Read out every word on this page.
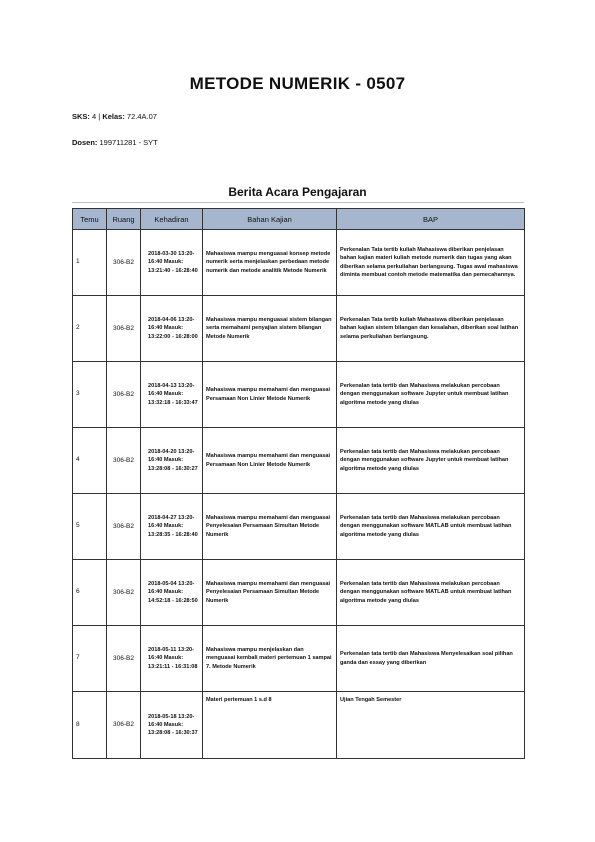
METODE NUMERIK - 0507
SKS: 4 | Kelas: 72.4A.07
Dosen: 199711281 - SYT
Berita Acara Pengajaran
Temu	Ruang	Kehadiran	Bahan Kajian	BAP
1	306-B2	2018-03-30 13:20-16:40 Masuk: 13:21:40 - 16:28:40	Mahasiswa mampu menguasai konsep metode numerik serta menjelaskan perbedaan metode numerik dan metode analitik Metode Numerik	Perkenalan Tata tertib kuliah Mahasiswa diberikan penjelasan bahan kajian materi kuliah metode numerik dan tugas yang akan diberikan selama perkuliahan berlangsung. Tugas awal mahasiswa diminta membuat contoh metode matematika dan pemecahannya.
2	306-B2	2018-04-06 13:20-16:40 Masuk: 13:22:00 - 16:28:00	Mahasiswa mampu menguasai sistem bilangan serta memahami penyajian sistem bilangan Metode Numerik	Perkenalan Tata tertib kuliah Mahasiswa diberikan penjelasan bahan kajian sistem bilangan dan kesalahan, diberikan soal latihan selama perkuliahan berlangsung.
3	306-B2	2018-04-13 13:20-16:40 Masuk: 13:32:18 - 16:33:47	Mahasiswa mampu memahami dan menguasai Persamaan Non Linier Metode Numerik	Perkenalan tata tertib dan Mahasiswa melakukan percobaan dengan menggunakan software Jupyter untuk membuat latihan algoritma metode yang diulas
4	306-B2	2018-04-20 13:20-16:40 Masuk: 13:28:08 - 16:30:27	Mahasiswa mampu memahami dan menguasai Persamaan Non Linier Metode Numerik	Perkenalan tata tertib dan Mahasiswa melakukan percobaan dengan menggunakan software Jupyter untuk membuat latihan algoritma metode yang diulas
5	306-B2	2018-04-27 13:20-16:40 Masuk: 13:28:35 - 16:28:40	Mahasiswa mampu memahami dan menguasai Penyelesaian Persamaan Simultan Metode Numerik	Perkenalan tata tertib dan Mahasiswa melakukan percobaan dengan menggunakan software MATLAB untuk membuat latihan algoritma metode yang diulas
6	306-B2	2018-05-04 13:20-16:40 Masuk: 14:52:18 - 16:28:50	Mahasiswa mampu memahami dan menguasai Penyelesaian Persamaan Simultan Metode Numerik	Perkenalan tata tertib dan Mahasiswa melakukan percobaan dengan menggunakan software MATLAB untuk membuat latihan algoritma metode yang diulas
7	306-B2	2018-05-11 13:20-16:40 Masuk: 13:21:11 - 16:31:08	Mahasiswa mampu menjelaskan dan menguasai kembali materi pertemuan 1 sampai 7. Metode Numerik	Perkenalan tata tertib dan Mahasiswa Menyelesaikan soal pilihan ganda dan essay yang diberikan
8	306-B2	2018-05-18 13:20-16:40 Masuk: 13:28:08 - 16:30:37	Materi pertemuan 1 s.d 8	Ujian Tengah Semester
